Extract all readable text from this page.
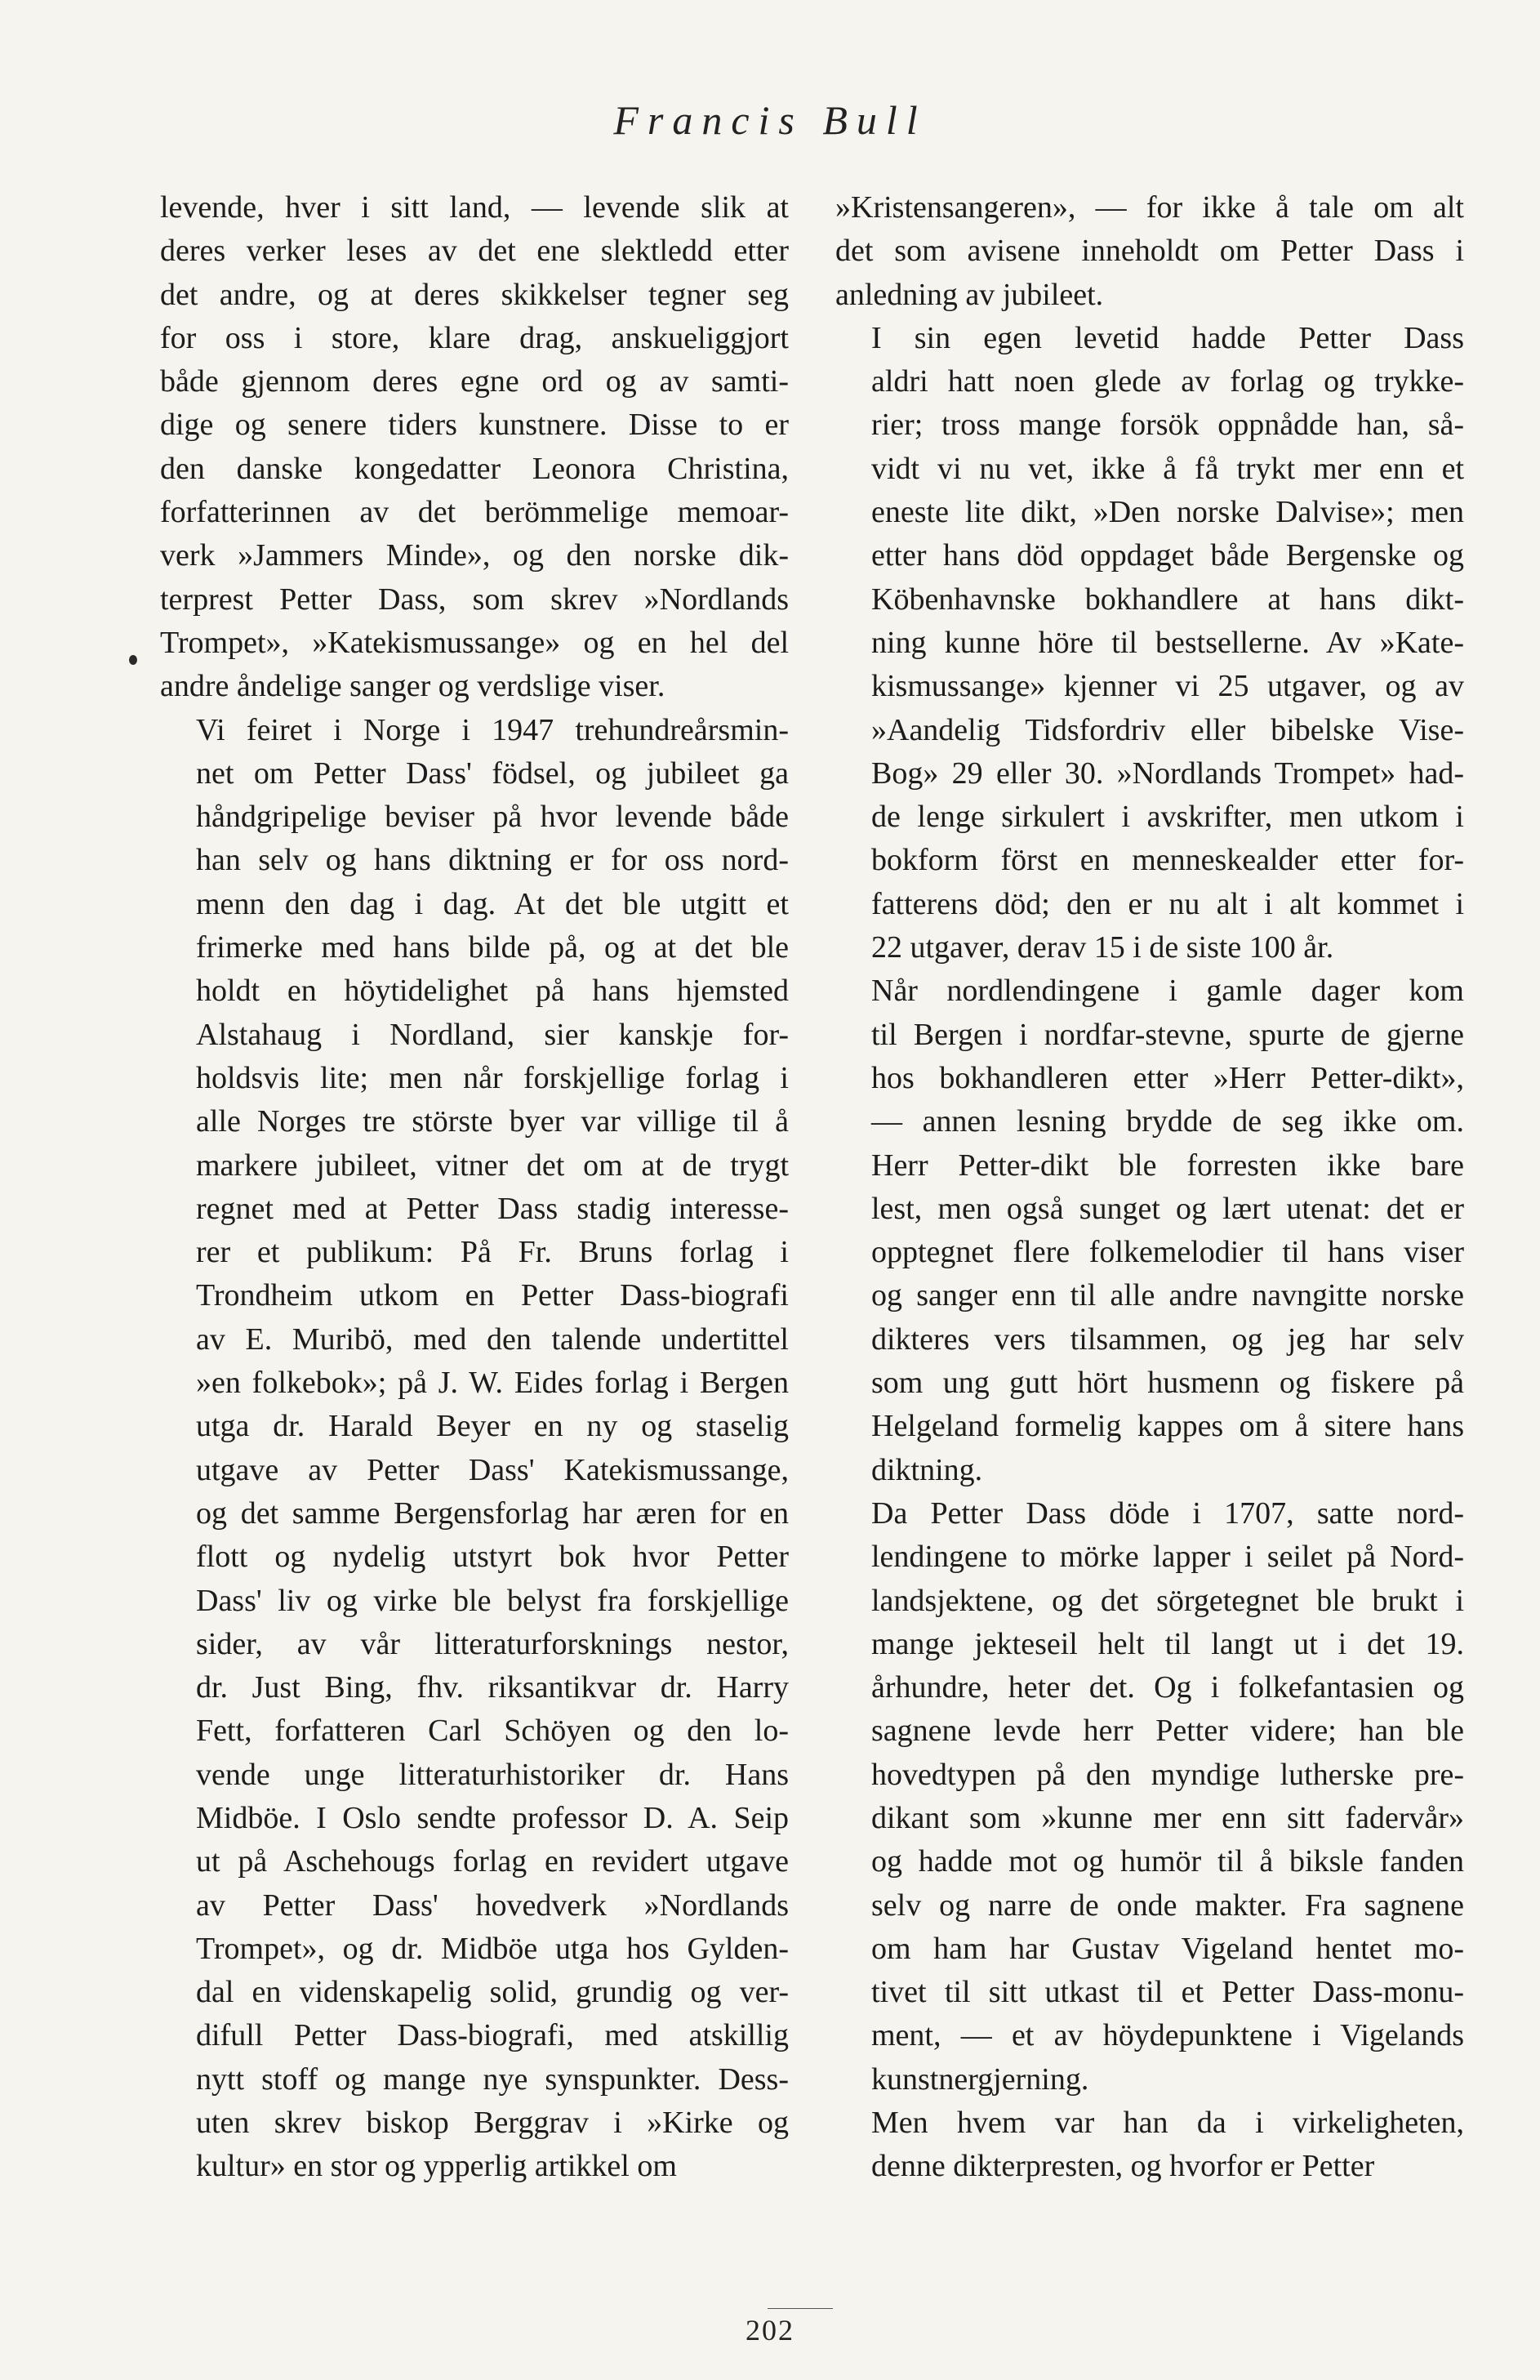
Francis Bull

levende, hver i sitt land, — levende slik at
deres verker leses av det ene slektledd etter
det andre, og at deres skikkelser tegner seg
for oss i store, klare drag, anskueliggjort
både gjennom deres egne ord og av samti-
dige og senere tiders kunstnere. Disse to er
den danske kongedatter Leonora Christina,
forfatterinnen av det berömmelige memoar-
verk »Jammers Minde», og den norske dik-
terprest Petter Dass, som skrev »Nordlands
Trompet», »Katekismussange» og en hel del
andre åndelige sanger og verdslige viser.

Vi feiret i Norge i 1947 trehundreårsmin-
net om Petter Dass' födsel, og jubileet ga
håndgripelige beviser på hvor levende både
han selv og hans diktning er for oss nord-
menn den dag i dag. At det ble utgitt et
frimerke med hans bilde på, og at det ble
holdt en höytidelighet på hans hjemsted
Alstahaug i Nordland, sier kanskje for-
holdsvis lite; men når forskjellige forlag i
alle Norges tre störste byer var villige til å
markere jubileet, vitner det om at de trygt
regnet med at Petter Dass stadig interesse-
rer et publikum: På Fr. Bruns forlag i
Trondheim utkom en Petter Dass-biografi
av E. Muribö, med den talende undertittel
»en folkebok»; på J. W. Eides forlag i Bergen
utga dr. Harald Beyer en ny og staselig
utgave av Petter Dass' Katekismussange,
og det samme Bergensforlag har æren for en
flott og nydelig utstyrt bok hvor Petter
Dass' liv og virke ble belyst fra forskjellige
sider, av vår litteraturforsknings nestor,
dr. Just Bing, fhv. riksantikvar dr. Harry
Fett, forfatteren Carl Schöyen og den lo-
vende unge litteraturhistoriker dr. Hans
Midböe. I Oslo sendte professor D. A. Seip
ut på Aschehougs forlag en revidert utgave
av Petter Dass' hovedverk »Nordlands
Trompet», og dr. Midböe utga hos Gylden-
dal en videnskapelig solid, grundig og ver-
difull Petter Dass-biografi, med atskillig
nytt stoff og mange nye synspunkter. Dess-
uten skrev biskop Berggrav i »Kirke og
kultur» en stor og ypperlig artikkel om

»Kristensangeren», — for ikke å tale om alt
det som avisene inneholdt om Petter Dass i
anledning av jubileet.

I sin egen levetid hadde Petter Dass
aldri hatt noen glede av forlag og trykke-
rier; tross mange forsök oppnådde han, så-
vidt vi nu vet, ikke å få trykt mer enn et
eneste lite dikt, »Den norske Dalvise»; men
etter hans död oppdaget både Bergenske og
Köbenhavnske bokhandlere at hans dikt-
ning kunne höre til bestsellerne. Av »Kate-
kismussange» kjenner vi 25 utgaver, og av
»Aandelig Tidsfordriv eller bibelske Vise-
Bog» 29 eller 30. »Nordlands Trompet» had-
de lenge sirkulert i avskrifter, men utkom i
bokform först en menneskealder etter for-
fatterens död; den er nu alt i alt kommet i
22 utgaver, derav 15 i de siste 100 år.

Når nordlendingene i gamle dager kom
til Bergen i nordfar-stevne, spurte de gjerne
hos bokhandleren etter »Herr Petter-dikt»,
— annen lesning brydde de seg ikke om.
Herr Petter-dikt ble forresten ikke bare
lest, men også sunget og lært utenat: det er
opptegnet flere folkemelodier til hans viser
og sanger enn til alle andre navngitte norske
dikteres vers tilsammen, og jeg har selv
som ung gutt hört husmenn og fiskere på
Helgeland formelig kappes om å sitere hans
diktning.

Da Petter Dass döde i 1707, satte nord-
lendingene to mörke lapper i seilet på Nord-
landsjektene, og det sörgetegnet ble brukt i
mange jekteseil helt til langt ut i det 19.
århundre, heter det. Og i folkefantasien og
sagnene levde herr Petter videre; han ble
hovedtypen på den myndige lutherske pre-
dikant som »kunne mer enn sitt fadervår»
og hadde mot og humör til å biksle fanden
selv og narre de onde makter. Fra sagnene
om ham har Gustav Vigeland hentet mo-
tivet til sitt utkast til et Petter Dass-monu-
ment, — et av höydepunktene i Vigelands
kunstnergjerning.

Men hvem var han da i virkeligheten,
denne dikterpresten, og hvorfor er Petter

202
